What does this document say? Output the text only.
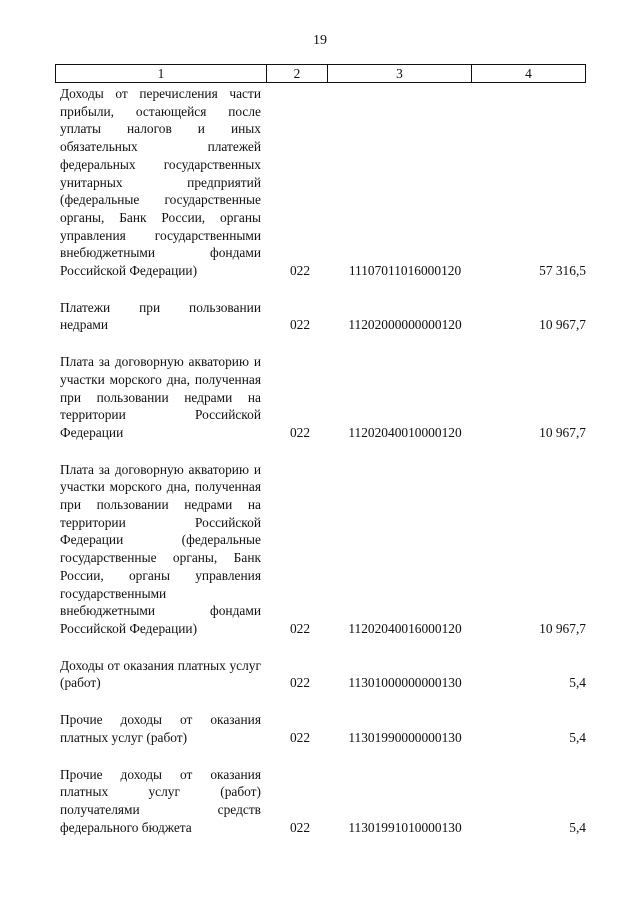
19
1	2	3	4
Доходы от перечисления части прибыли, остающейся после уплаты налогов и иных обязательных платежей федеральных государственных унитарных предприятий (федеральные государственные органы, Банк России, органы управления государственными внебюджетными фондами Российской Федерации)	022	11107011016000120	57 316,5
Платежи при пользовании недрами	022	11202000000000120	10 967,7
Плата за договорную акваторию и участки морского дна, полученная при пользовании недрами на территории Российской Федерации	022	11202040010000120	10 967,7
Плата за договорную акваторию и участки морского дна, полученная при пользовании недрами на территории Российской Федерации (федеральные государственные органы, Банк России, органы управления государственными внебюджетными фондами Российской Федерации)	022	11202040016000120	10 967,7
Доходы от оказания платных услуг (работ)	022	11301000000000130	5,4
Прочие доходы от оказания платных услуг (работ)	022	11301990000000130	5,4
Прочие доходы от оказания платных услуг (работ) получателями средств федерального бюджета	022	11301991010000130	5,4
